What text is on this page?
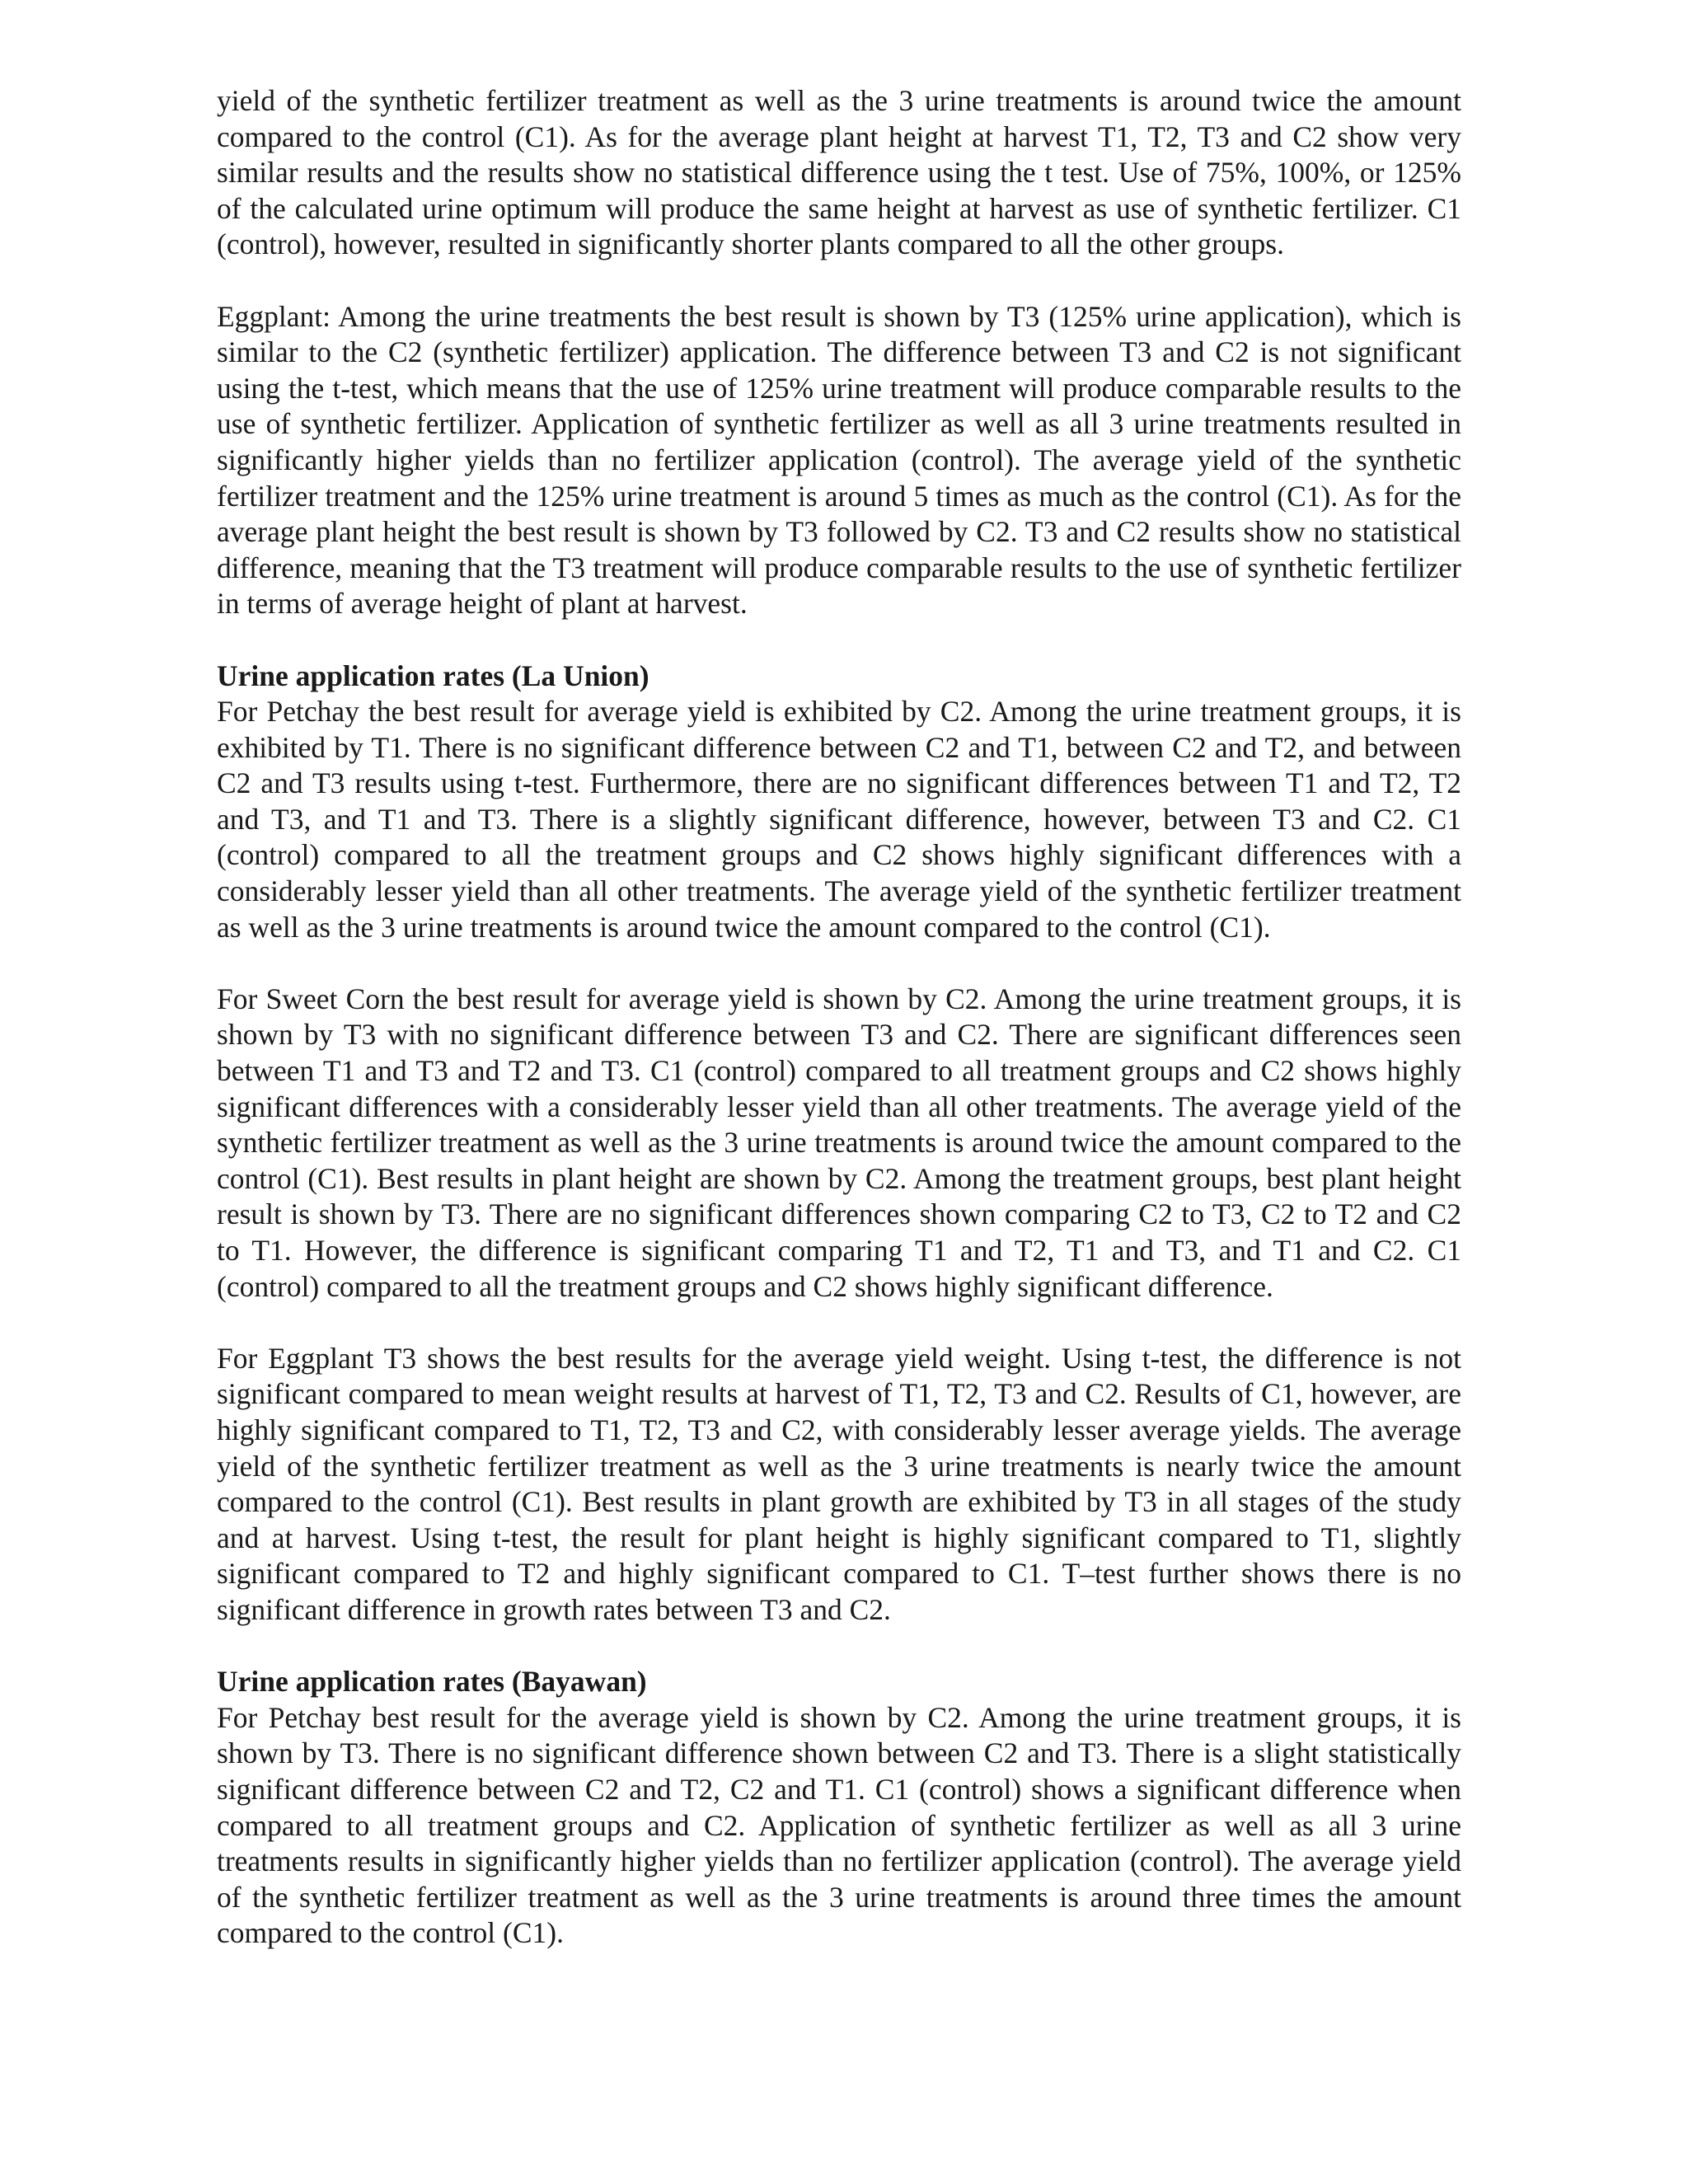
yield of the synthetic fertilizer treatment as well as the 3 urine treatments is around twice the amount compared to the control (C1). As for the average plant height at harvest T1, T2, T3 and C2 show very similar results and the results show no statistical difference using the t test. Use of 75%, 100%, or 125% of the calculated urine optimum will produce the same height at harvest as use of synthetic fertilizer. C1 (control), however, resulted in significantly shorter plants compared to all the other groups.

Eggplant: Among the urine treatments the best result is shown by T3 (125% urine application), which is similar to the C2 (synthetic fertilizer) application. The difference between T3 and C2 is not significant using the t-test, which means that the use of 125% urine treatment will produce comparable results to the use of synthetic fertilizer. Application of synthetic fertilizer as well as all 3 urine treatments resulted in significantly higher yields than no fertilizer application (control). The average yield of the synthetic fertilizer treatment and the 125% urine treatment is around 5 times as much as the control (C1). As for the average plant height the best result is shown by T3 followed by C2. T3 and C2 results show no statistical difference, meaning that the T3 treatment will produce comparable results to the use of synthetic fertilizer in terms of average height of plant at harvest.

Urine application rates (La Union)

For Petchay the best result for average yield is exhibited by C2. Among the urine treatment groups, it is exhibited by T1. There is no significant difference between C2 and T1, between C2 and T2, and between C2 and T3 results using t-test. Furthermore, there are no significant differences between T1 and T2, T2 and T3, and T1 and T3. There is a slightly significant difference, however, between T3 and C2. C1 (control) compared to all the treatment groups and C2 shows highly significant differences with a considerably lesser yield than all other treatments. The average yield of the synthetic fertilizer treatment as well as the 3 urine treatments is around twice the amount compared to the control (C1).

For Sweet Corn the best result for average yield is shown by C2. Among the urine treatment groups, it is shown by T3 with no significant difference between T3 and C2. There are significant differences seen between T1 and T3 and T2 and T3. C1 (control) compared to all treatment groups and C2 shows highly significant differences with a considerably lesser yield than all other treatments. The average yield of the synthetic fertilizer treatment as well as the 3 urine treatments is around twice the amount compared to the control (C1). Best results in plant height are shown by C2. Among the treatment groups, best plant height result is shown by T3. There are no significant differences shown comparing C2 to T3, C2 to T2 and C2 to T1. However, the difference is significant comparing T1 and T2, T1 and T3, and T1 and C2. C1 (control) compared to all the treatment groups and C2 shows highly significant difference.

For Eggplant T3 shows the best results for the average yield weight. Using t-test, the difference is not significant compared to mean weight results at harvest of T1, T2, T3 and C2. Results of C1, however, are highly significant compared to T1, T2, T3 and C2, with considerably lesser average yields. The average yield of the synthetic fertilizer treatment as well as the 3 urine treatments is nearly twice the amount compared to the control (C1). Best results in plant growth are exhibited by T3 in all stages of the study and at harvest. Using t-test, the result for plant height is highly significant compared to T1, slightly significant compared to T2 and highly significant compared to C1. T–test further shows there is no significant difference in growth rates between T3 and C2.

Urine application rates (Bayawan)

For Petchay best result for the average yield is shown by C2. Among the urine treatment groups, it is shown by T3. There is no significant difference shown between C2 and T3. There is a slight statistically significant difference between C2 and T2, C2 and T1. C1 (control) shows a significant difference when compared to all treatment groups and C2. Application of synthetic fertilizer as well as all 3 urine treatments results in significantly higher yields than no fertilizer application (control). The average yield of the synthetic fertilizer treatment as well as the 3 urine treatments is around three times the amount compared to the control (C1).
